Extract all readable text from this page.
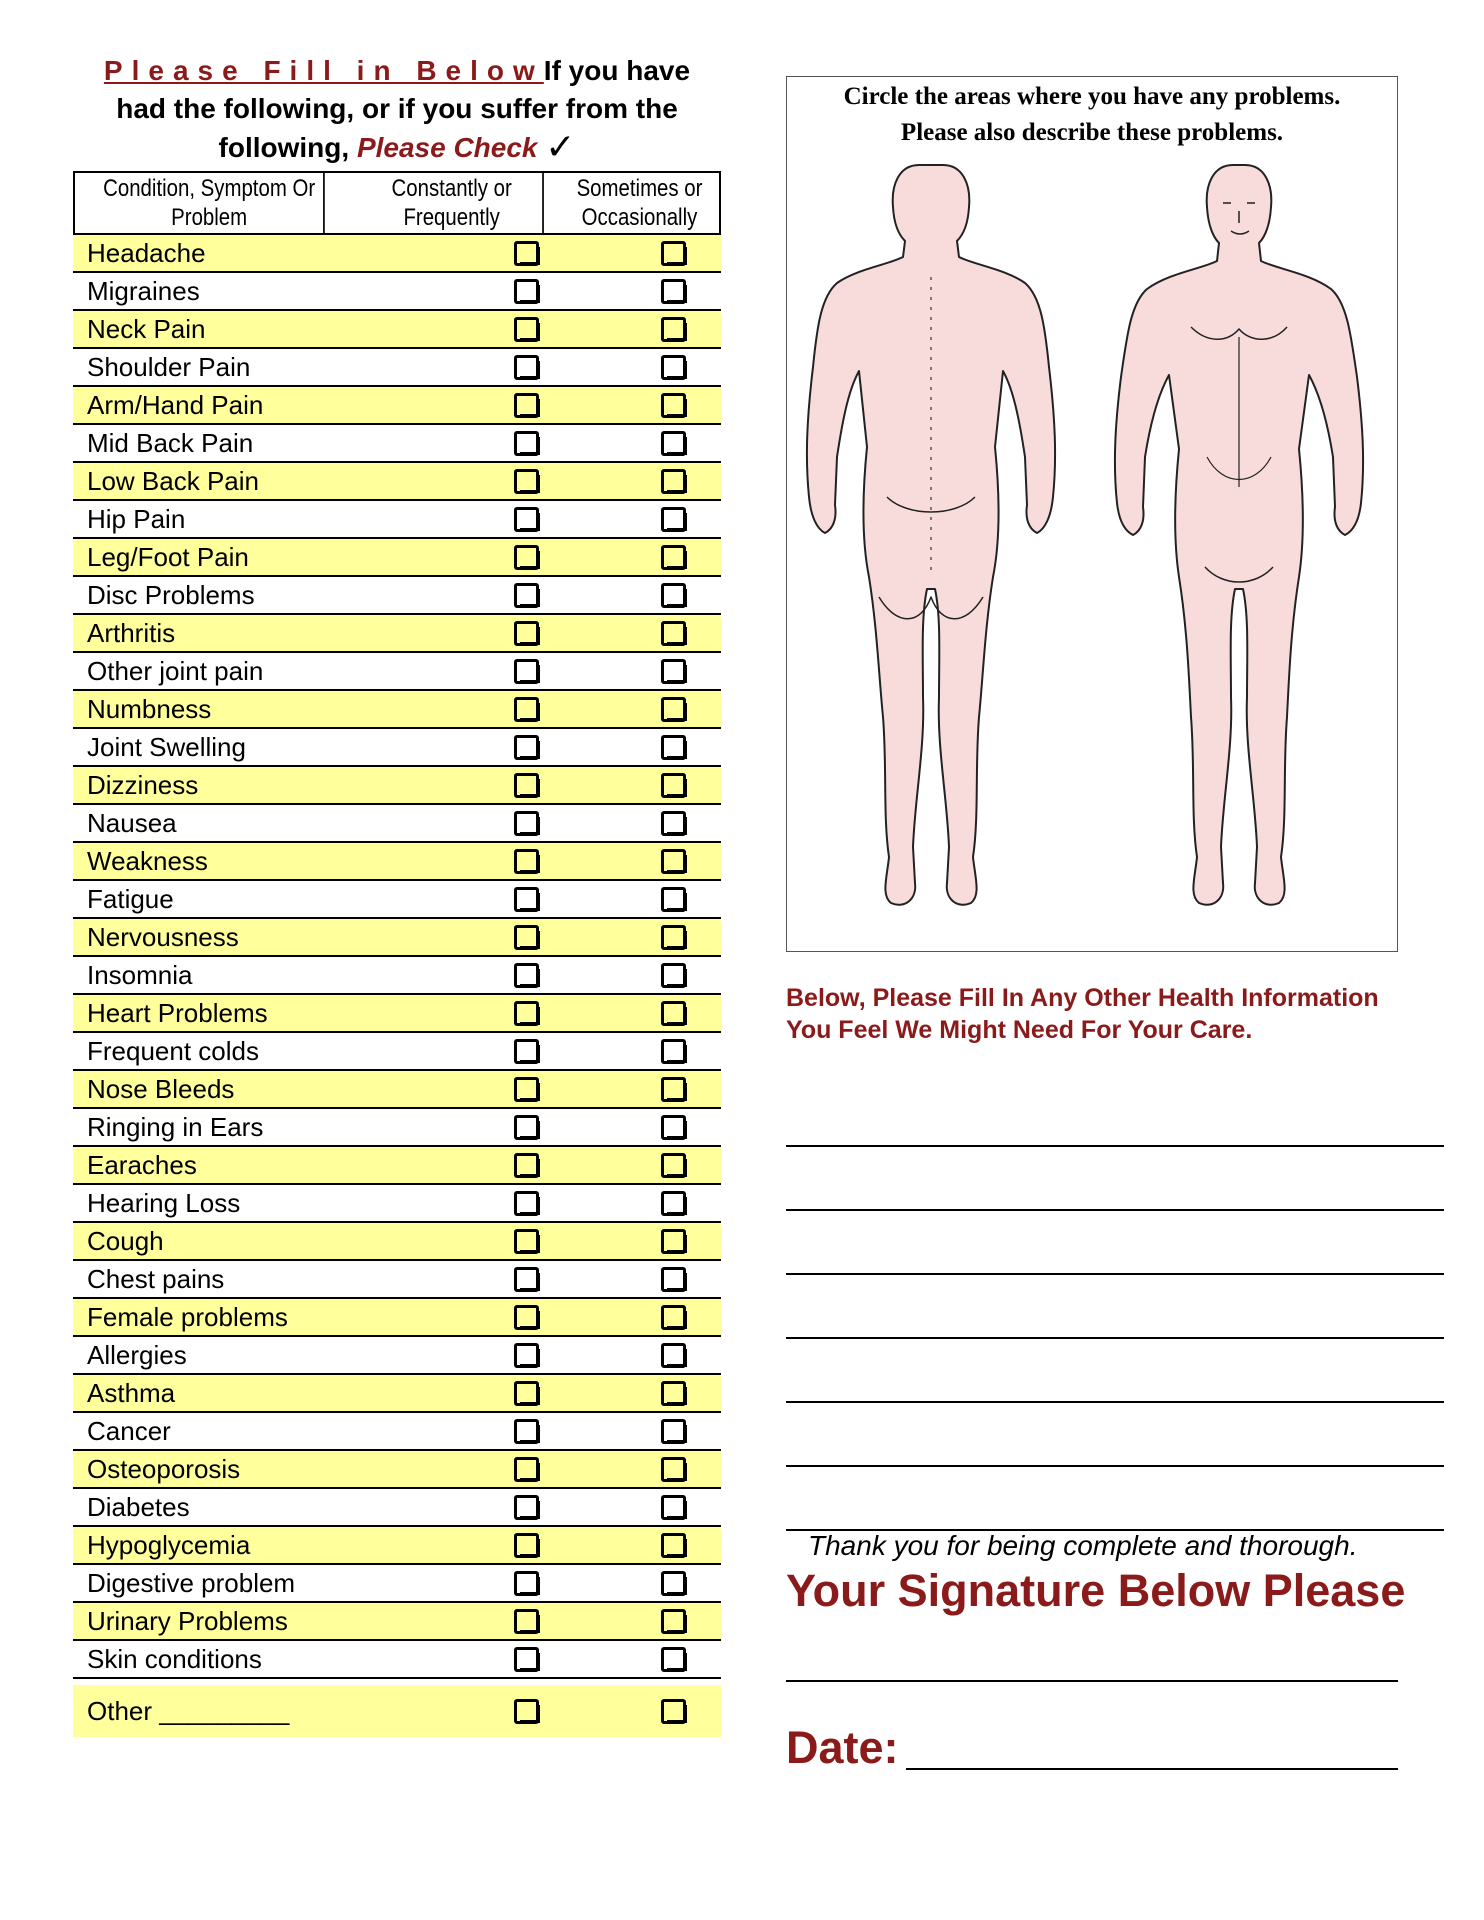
Please Fill in BelowIf you have
had the following, or if you suffer from the
following, Please Check ✓
Condition, Symptom Or Problem
Constantly or Frequently
Sometimes or Occasionally
Headache
Migraines
Neck Pain
Shoulder Pain
Arm/Hand Pain
Mid Back Pain
Low Back Pain
Hip Pain
Leg/Foot Pain
Disc Problems
Arthritis
Other joint pain
Numbness
Joint Swelling
Dizziness
Nausea
Weakness
Fatigue
Nervousness
Insomnia
Heart Problems
Frequent colds
Nose Bleeds
Ringing in Ears
Earaches
Hearing Loss
Cough
Chest pains
Female problems
Allergies
Asthma
Cancer
Osteoporosis
Diabetes
Hypoglycemia
Digestive problem
Urinary Problems
Skin conditions
Other _________
Circle the areas where you have any problems.
Please also describe these problems.
Below, Please Fill In Any Other Health Information You Feel We Might Need For Your Care.
Thank you for being complete and thorough.
Your Signature Below Please
Date:
